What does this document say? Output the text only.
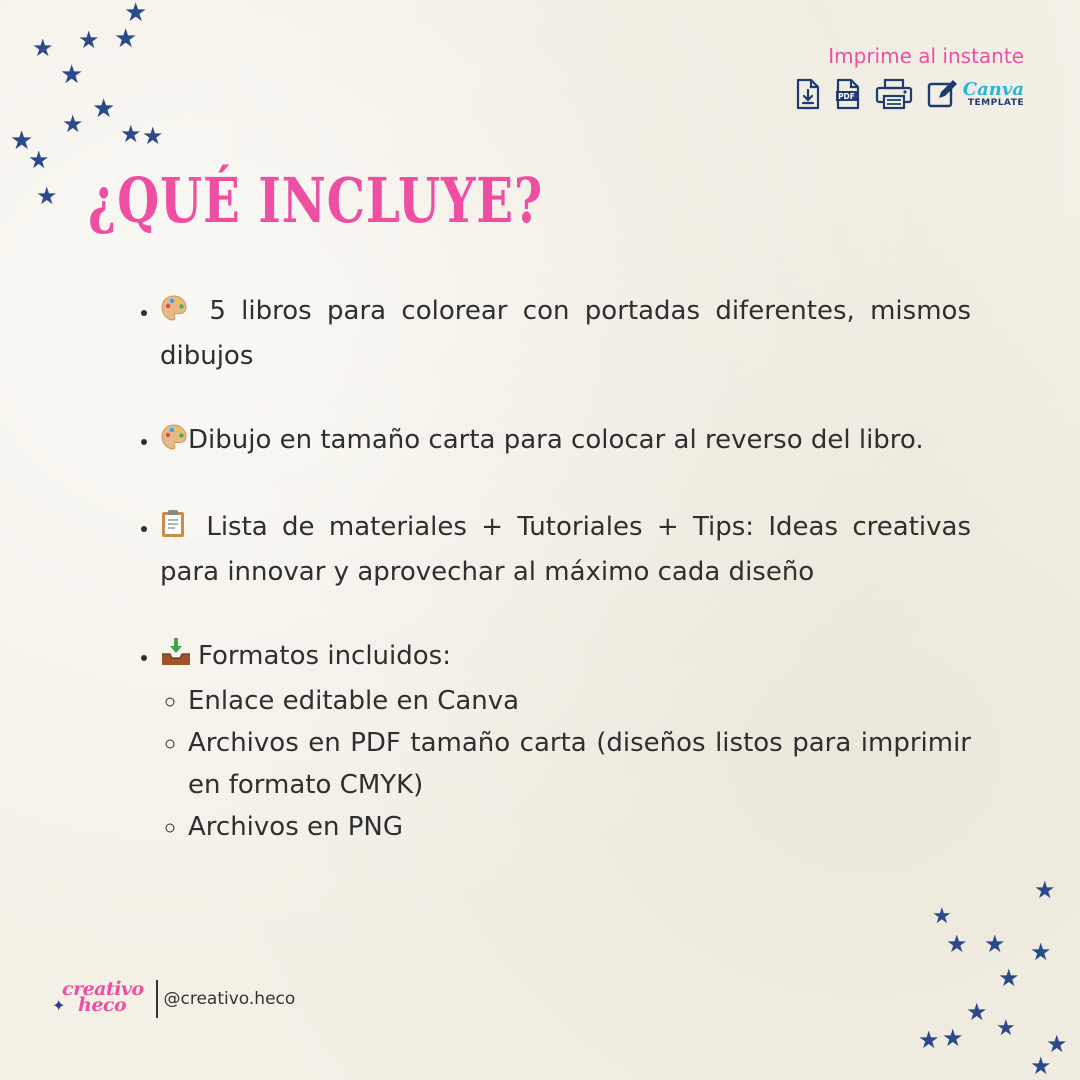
★
★ ★ ★
★
★
★ ★ ★
★
★
★
★
★
★ ★ ★
★
★
★
★ ★	★
★
Imprime al instante
PDF	Canva
TEMPLATE
¿QUÉ INCLUYE?
• 5 libros para colorear con portadas diferentes, mismos dibujos
• Dibujo en tamaño carta para colocar al reverso del libro.
• Lista de materiales + Tutoriales + Tips: Ideas creativas para innovar y aprovechar al máximo cada diseño
• Formatos incluidos:
◦ Enlace editable en Canva
◦ Archivos en PDF tamaño carta (diseños listos para imprimir en formato CMYK)
◦ Archivos en PNG
✦
creativo
heco @creativo.heco
